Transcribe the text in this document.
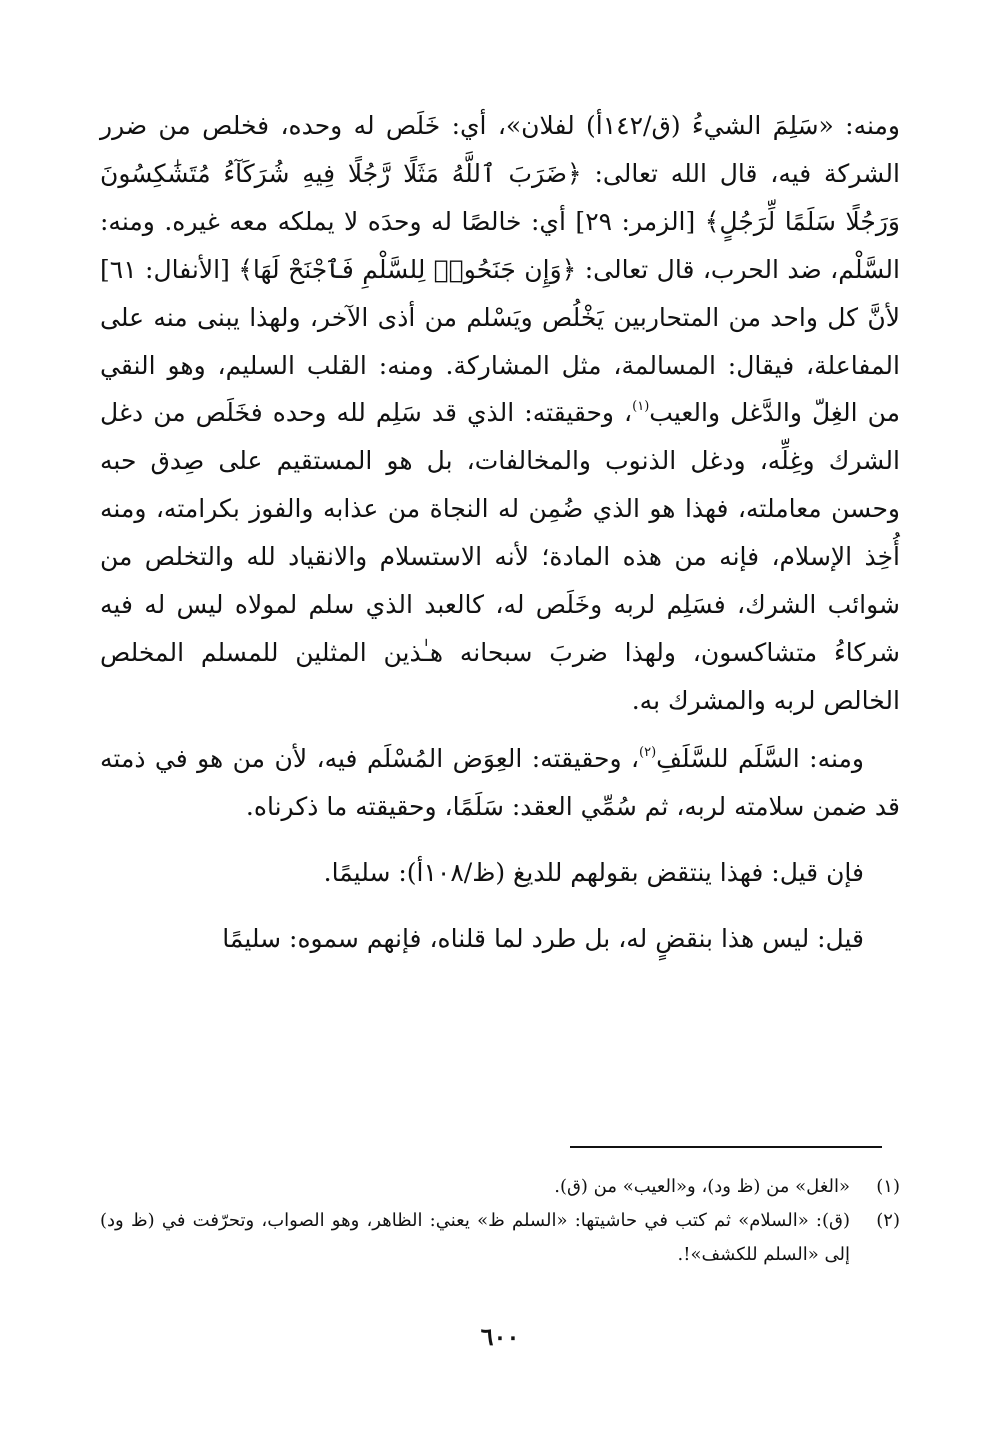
ومنه: «سَلِمَ الشيءُ (ق/١٤٢أ) لفلان»، أي: خَلَص له وحده، فخلص من ضرر الشركة فيه، قال الله تعالى: ﴿ضَرَبَ ٱللَّهُ مَثَلًا رَّجُلًا فِيهِ شُرَكَآءُ مُتَشَٰكِسُونَ وَرَجُلًا سَلَمًا لِّرَجُلٍ﴾ [الزمر: ٢٩] أي: خالصًا له وحدَه لا يملكه معه غيره. ومنه: السَّلْم، ضد الحرب، قال تعالى: ﴿وَإِن جَنَحُوا۟ لِلسَّلْمِ فَٱجْنَحْ لَهَا﴾ [الأنفال: ٦١] لأنَّ كل واحد من المتحاربين يَخْلُص ويَسْلم من أذى الآخر، ولهذا يبنى منه على المفاعلة، فيقال: المسالمة، مثل المشاركة. ومنه: القلب السليم، وهو النقي من الغِلّ والدَّغل والعيب$^{(١)}$، وحقيقته: الذي قد سَلِم لله وحده فخَلَص من دغل الشرك وغِلِّه، ودغل الذنوب والمخالفات، بل هو المستقيم على صِدق حبه وحسن معاملته، فهذا هو الذي ضُمِن له النجاة من عذابه والفوز بكرامته، ومنه أُخِذ الإسلام، فإنه من هذه المادة؛ لأنه الاستسلام والانقياد لله والتخلص من شوائب الشرك، فسَلِم لربه وخَلَص له، كالعبد الذي سلم لمولاه ليس له فيه شركاءُ متشاكسون، ولهذا ضربَ سبحانه هـٰذين المثلين للمسلم المخلص الخالص لربه والمشرك به.

ومنه: السَّلَم للسَّلَفِ$^{(٢)}$، وحقيقته: العِوَض المُسْلَم فيه، لأن من هو في ذمته قد ضمن سلامته لربه، ثم سُمِّي العقد: سَلَمًا، وحقيقته ما ذكرناه.

فإن قيل: فهذا ينتقض بقولهم للديغ (ظ/١٠٨أ): سليمًا.

قيل: ليس هذا بنقضٍ له، بل طرد لما قلناه، فإنهم سموه: سليمًا

(١)
«الغل» من (ظ ود)، و«العيب» من (ق).
(٢)
(ق): «السلام» ثم كتب في حاشيتها: «السلم ظ» يعني: الظاهر، وهو الصواب، وتحرّفت في (ظ ود) إلى «السلم للكشف»!.
٦٠٠
